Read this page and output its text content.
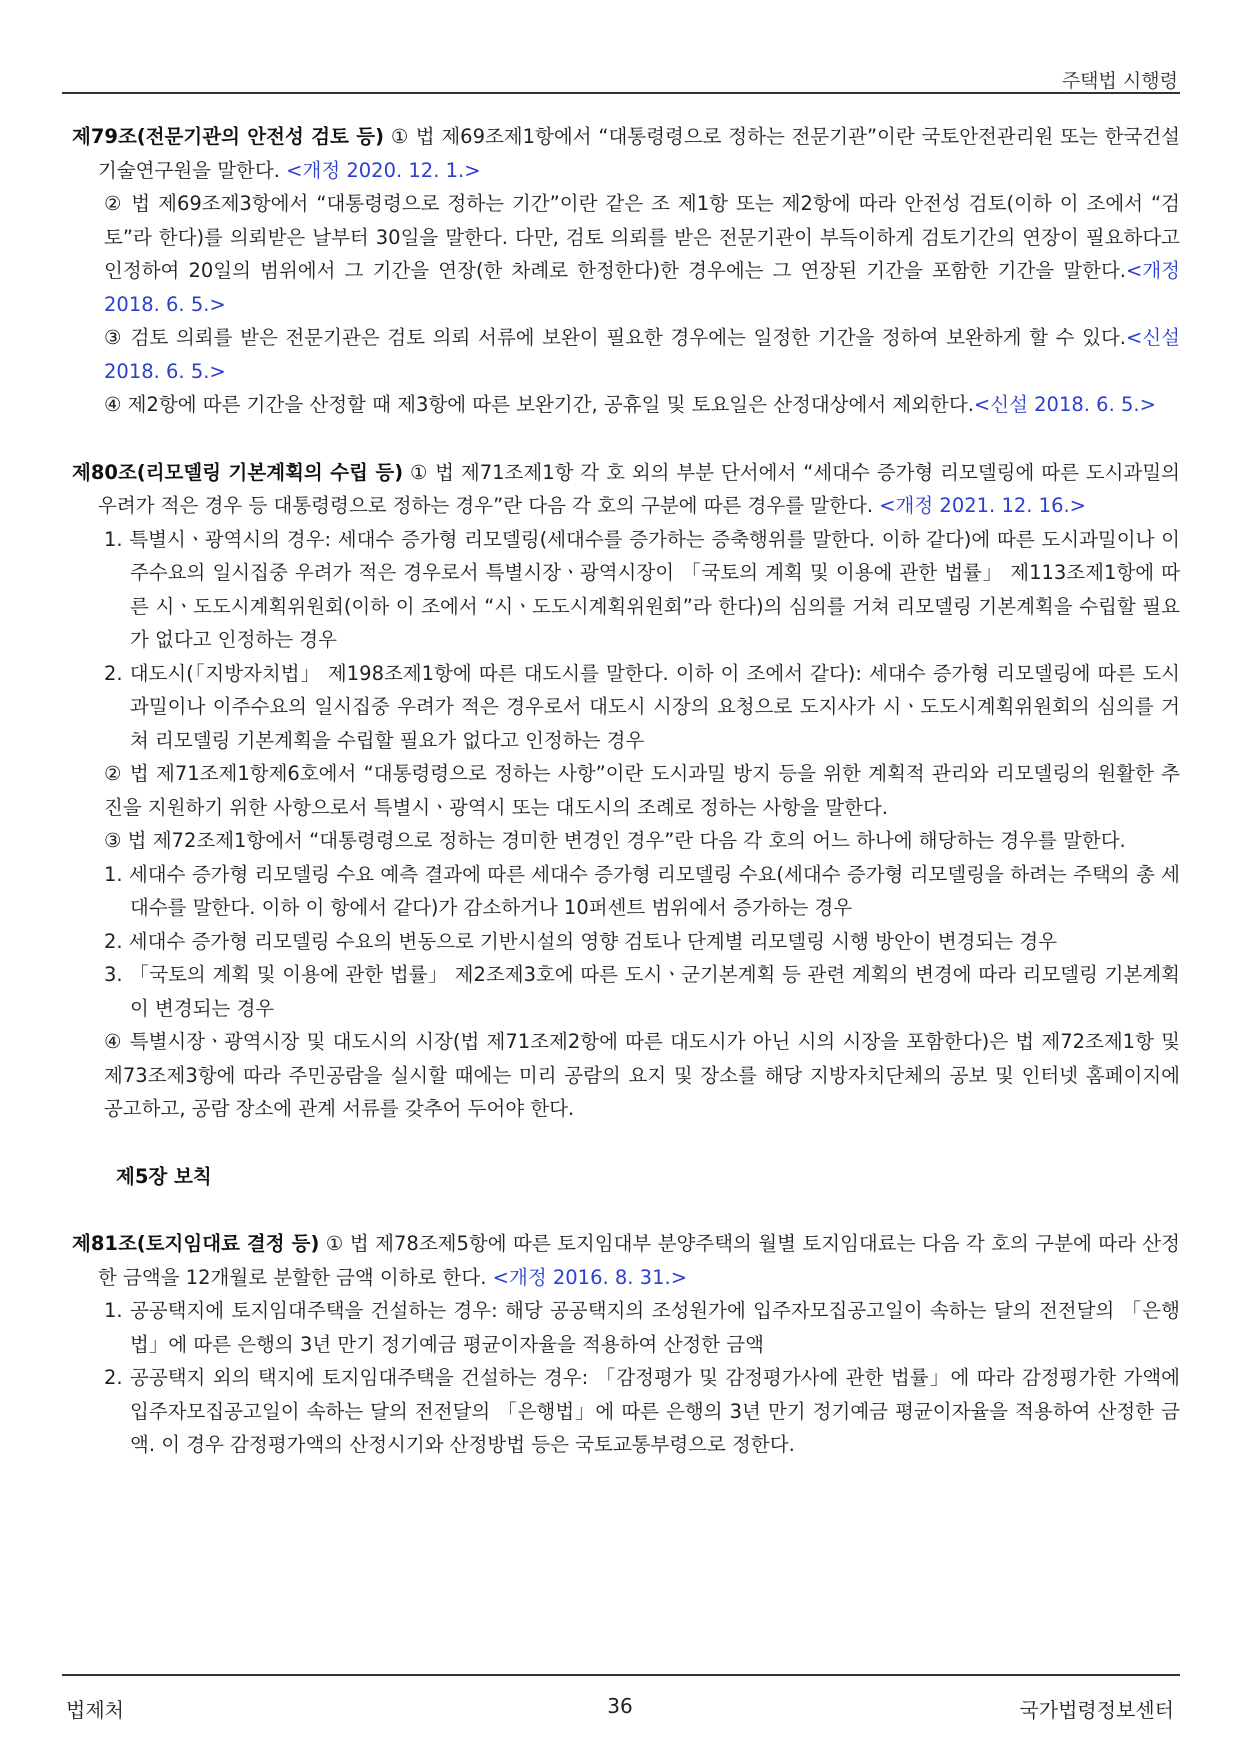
주택법 시행령

제79조(전문기관의 안전성 검토 등) ① 법 제69조제1항에서 “대통령령으로 정하는 전문기관”이란 국토안전관리원 또는 한국건설기술연구원을 말한다. <개정 2020. 12. 1.>

② 법 제69조제3항에서 “대통령령으로 정하는 기간”이란 같은 조 제1항 또는 제2항에 따라 안전성 검토(이하 이 조에서 “검토”라 한다)를 의뢰받은 날부터 30일을 말한다. 다만, 검토 의뢰를 받은 전문기관이 부득이하게 검토기간의 연장이 필요하다고 인정하여 20일의 범위에서 그 기간을 연장(한 차례로 한정한다)한 경우에는 그 연장된 기간을 포함한 기간을 말한다.<개정 2018. 6. 5.>

③ 검토 의뢰를 받은 전문기관은 검토 의뢰 서류에 보완이 필요한 경우에는 일정한 기간을 정하여 보완하게 할 수 있다.<신설 2018. 6. 5.>

④ 제2항에 따른 기간을 산정할 때 제3항에 따른 보완기간, 공휴일 및 토요일은 산정대상에서 제외한다.<신설 2018. 6. 5.>

제80조(리모델링 기본계획의 수립 등) ① 법 제71조제1항 각 호 외의 부분 단서에서 “세대수 증가형 리모델링에 따른 도시과밀의 우려가 적은 경우 등 대통령령으로 정하는 경우”란 다음 각 호의 구분에 따른 경우를 말한다. <개정 2021. 12. 16.>

1. 특별시ㆍ광역시의 경우: 세대수 증가형 리모델링(세대수를 증가하는 증축행위를 말한다. 이하 같다)에 따른 도시과밀이나 이주수요의 일시집중 우려가 적은 경우로서 특별시장ㆍ광역시장이 「국토의 계획 및 이용에 관한 법률」 제113조제1항에 따른 시ㆍ도도시계획위원회(이하 이 조에서 “시ㆍ도도시계획위원회”라 한다)의 심의를 거쳐 리모델링 기본계획을 수립할 필요가 없다고 인정하는 경우

2. 대도시(「지방자치법」 제198조제1항에 따른 대도시를 말한다. 이하 이 조에서 같다): 세대수 증가형 리모델링에 따른 도시과밀이나 이주수요의 일시집중 우려가 적은 경우로서 대도시 시장의 요청으로 도지사가 시ㆍ도도시계획위원회의 심의를 거쳐 리모델링 기본계획을 수립할 필요가 없다고 인정하는 경우

② 법 제71조제1항제6호에서 “대통령령으로 정하는 사항”이란 도시과밀 방지 등을 위한 계획적 관리와 리모델링의 원활한 추진을 지원하기 위한 사항으로서 특별시ㆍ광역시 또는 대도시의 조례로 정하는 사항을 말한다.

③ 법 제72조제1항에서 “대통령령으로 정하는 경미한 변경인 경우”란 다음 각 호의 어느 하나에 해당하는 경우를 말한다.

1. 세대수 증가형 리모델링 수요 예측 결과에 따른 세대수 증가형 리모델링 수요(세대수 증가형 리모델링을 하려는 주택의 총 세대수를 말한다. 이하 이 항에서 같다)가 감소하거나 10퍼센트 범위에서 증가하는 경우

2. 세대수 증가형 리모델링 수요의 변동으로 기반시설의 영향 검토나 단계별 리모델링 시행 방안이 변경되는 경우

3. 「국토의 계획 및 이용에 관한 법률」 제2조제3호에 따른 도시ㆍ군기본계획 등 관련 계획의 변경에 따라 리모델링 기본계획이 변경되는 경우

④ 특별시장ㆍ광역시장 및 대도시의 시장(법 제71조제2항에 따른 대도시가 아닌 시의 시장을 포함한다)은 법 제72조제1항 및 제73조제3항에 따라 주민공람을 실시할 때에는 미리 공람의 요지 및 장소를 해당 지방자치단체의 공보 및 인터넷 홈페이지에 공고하고, 공람 장소에 관계 서류를 갖추어 두어야 한다.

제5장 보칙

제81조(토지임대료 결정 등) ① 법 제78조제5항에 따른 토지임대부 분양주택의 월별 토지임대료는 다음 각 호의 구분에 따라 산정한 금액을 12개월로 분할한 금액 이하로 한다. <개정 2016. 8. 31.>

1. 공공택지에 토지임대주택을 건설하는 경우: 해당 공공택지의 조성원가에 입주자모집공고일이 속하는 달의 전전달의 「은행법」에 따른 은행의 3년 만기 정기예금 평균이자율을 적용하여 산정한 금액

2. 공공택지 외의 택지에 토지임대주택을 건설하는 경우: 「감정평가 및 감정평가사에 관한 법률」에 따라 감정평가한 가액에 입주자모집공고일이 속하는 달의 전전달의 「은행법」에 따른 은행의 3년 만기 정기예금 평균이자율을 적용하여 산정한 금액. 이 경우 감정평가액의 산정시기와 산정방법 등은 국토교통부령으로 정한다.

36
법제처	국가법령정보센터
